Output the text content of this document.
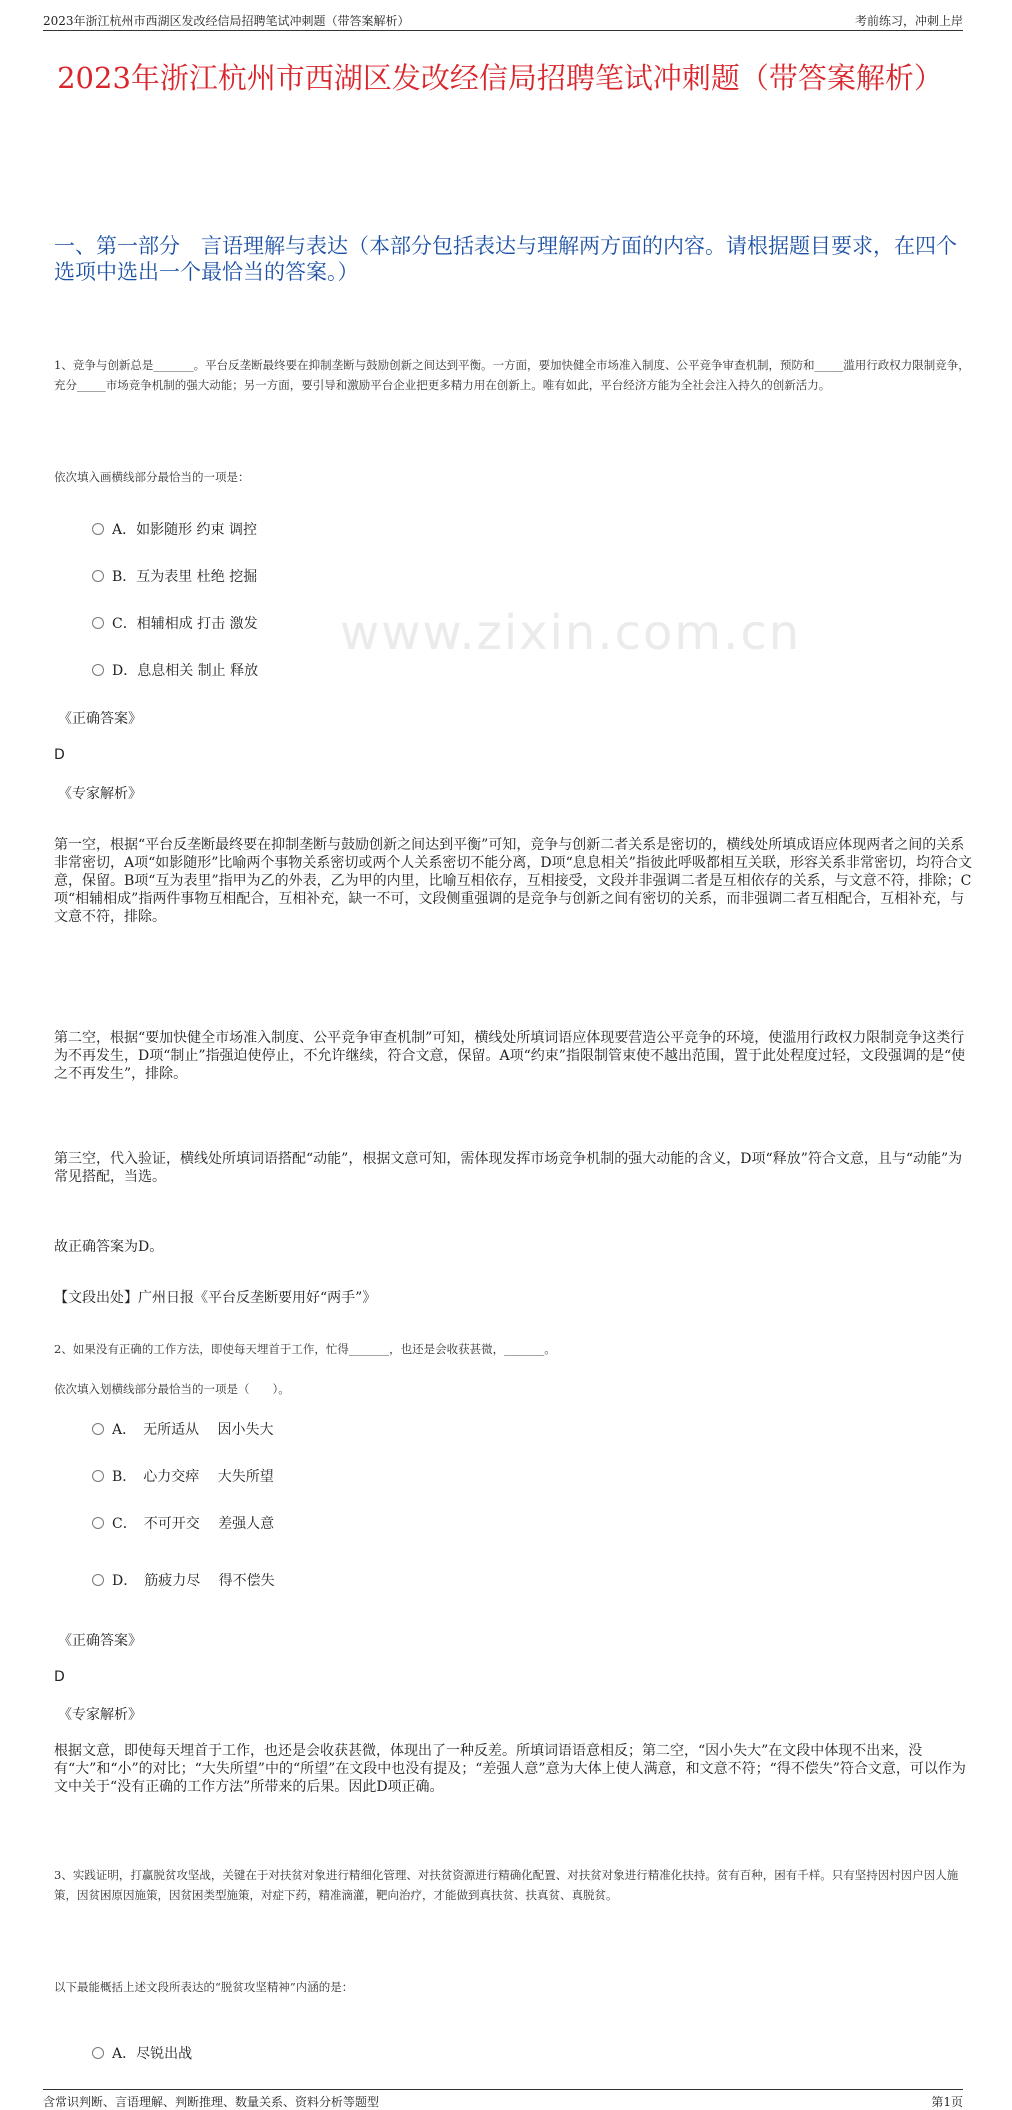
www.zixin.com.cn
2023年浙江杭州市西湖区发改经信局招聘笔试冲刺题（带答案解析）	考前练习，冲刺上岸
2023年浙江杭州市西湖区发改经信局招聘笔试冲刺题（带答案解析）
一、第一部分　言语理解与表达（本部分包括表达与理解两方面的内容。请根据题目要求，在四个选项中选出一个最恰当的答案。）
1、竞争与创新总是_______。平台反垄断最终要在抑制垄断与鼓励创新之间达到平衡。一方面，要加快健全市场准入制度、公平竞争审查机制，预防和_____滥用行政权力限制竞争，充分_____市场竞争机制的强大动能；另一方面，要引导和激励平台企业把更多精力用在创新上。唯有如此，平台经济方能为全社会注入持久的创新活力。
依次填入画横线部分最恰当的一项是：
A．如影随形 约束 调控
B．互为表里 杜绝 挖掘
C．相辅相成 打击 激发
D．息息相关 制止 释放
《正确答案》
D
《专家解析》
第一空，根据“平台反垄断最终要在抑制垄断与鼓励创新之间达到平衡”可知，竞争与创新二者关系是密切的，横线处所填成语应体现两者之间的关系非常密切，A项“如影随形”比喻两个事物关系密切或两个人关系密切不能分离，D项“息息相关”指彼此呼吸都相互关联，形容关系非常密切，均符合文意，保留。B项“互为表里”指甲为乙的外表，乙为甲的内里，比喻互相依存，互相接受，文段并非强调二者是互相依存的关系，与文意不符，排除；C项“相辅相成”指两件事物互相配合，互相补充，缺一不可，文段侧重强调的是竞争与创新之间有密切的关系，而非强调二者互相配合，互相补充，与文意不符，排除。
第二空，根据“要加快健全市场准入制度、公平竞争审查机制”可知，横线处所填词语应体现要营造公平竞争的环境，使滥用行政权力限制竞争这类行为不再发生，D项“制止”指强迫使停止，不允许继续，符合文意，保留。A项“约束”指限制管束使不越出范围，置于此处程度过轻，文段强调的是“使之不再发生”，排除。
第三空，代入验证，横线处所填词语搭配“动能”，根据文意可知，需体现发挥市场竞争机制的强大动能的含义，D项“释放”符合文意，且与“动能”为常见搭配，当选。
故正确答案为D。
【文段出处】广州日报《平台反垄断要用好“两手”》
2、如果没有正确的工作方法，即使每天埋首于工作，忙得_______，也还是会收获甚微，_______。
依次填入划横线部分最恰当的一项是（　　）。
A．　无所适从　 因小失大
B．　心力交瘁　 大失所望
C．　不可开交　 差强人意
D．　筋疲力尽　 得不偿失
《正确答案》
D
《专家解析》
根据文意，即使每天埋首于工作，也还是会收获甚微，体现出了一种反差。所填词语语意相反；第二空，“因小失大”在文段中体现不出来，没有“大”和“小”的对比；“大失所望”中的“所望”在文段中也没有提及；“差强人意”意为大体上使人满意，和文意不符；“得不偿失”符合文意，可以作为文中关于“没有正确的工作方法”所带来的后果。因此D项正确。
3、实践证明，打赢脱贫攻坚战，关键在于对扶贫对象进行精细化管理、对扶贫资源进行精确化配置、对扶贫对象进行精准化扶持。贫有百种，困有千样。只有坚持因村因户因人施策，因贫困原因施策，因贫困类型施策，对症下药，精准滴灌，靶向治疗，才能做到真扶贫、扶真贫、真脱贫。
以下最能概括上述文段所表达的“脱贫攻坚精神”内涵的是：
A．尽锐出战
含常识判断、言语理解、判断推理、数量关系、资料分析等题型	第1页
